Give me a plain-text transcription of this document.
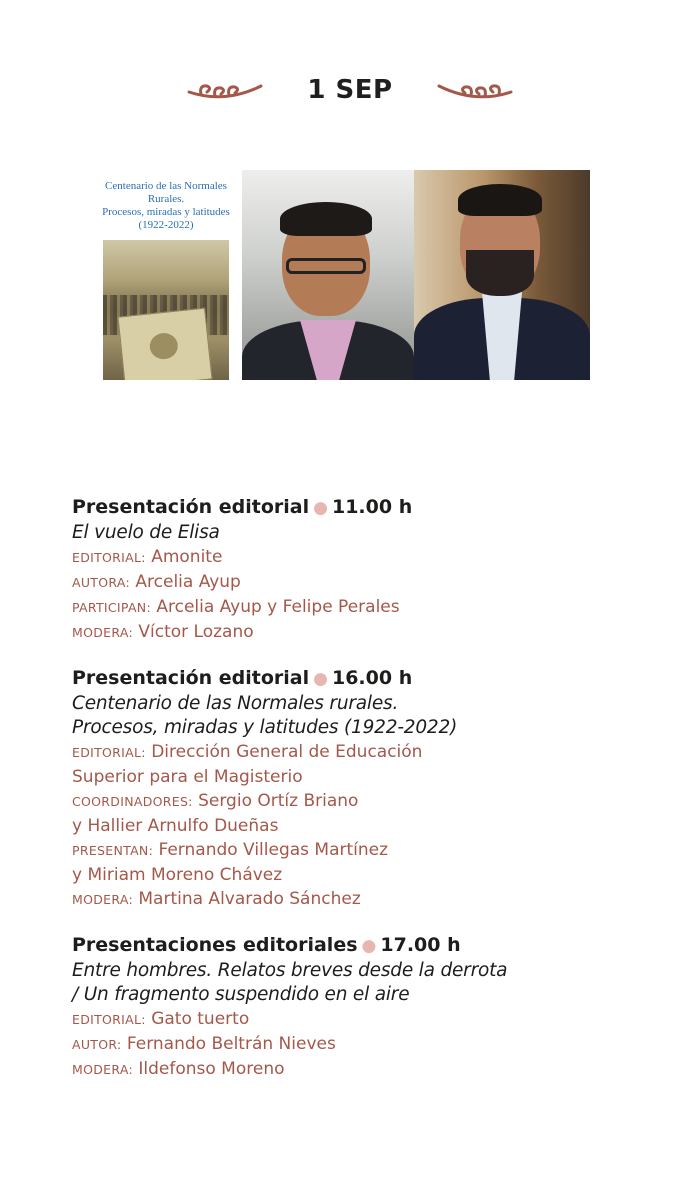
1 SEP
Centenario de las Normales Rurales.
Procesos, miradas y latitudes
(1922-2022)
Presentación editorial ● 11.00 h
El vuelo de Elisa
EDITORIAL: Amonite
AUTORA: Arcelia Ayup
PARTICIPAN: Arcelia Ayup y Felipe Perales
MODERA: Víctor Lozano
Presentación editorial ● 16.00 h
Centenario de las Normales rurales.
Procesos, miradas y latitudes (1922-2022)
EDITORIAL: Dirección General de Educación
Superior para el Magisterio
COORDINADORES: Sergio Ortíz Briano
y Hallier Arnulfo Dueñas
PRESENTAN: Fernando Villegas Martínez
y Miriam Moreno Chávez
MODERA: Martina Alvarado Sánchez
Presentaciones editoriales ● 17.00 h
Entre hombres. Relatos breves desde la derrota
/ Un fragmento suspendido en el aire
EDITORIAL: Gato tuerto
AUTOR: Fernando Beltrán Nieves
MODERA: Ildefonso Moreno
